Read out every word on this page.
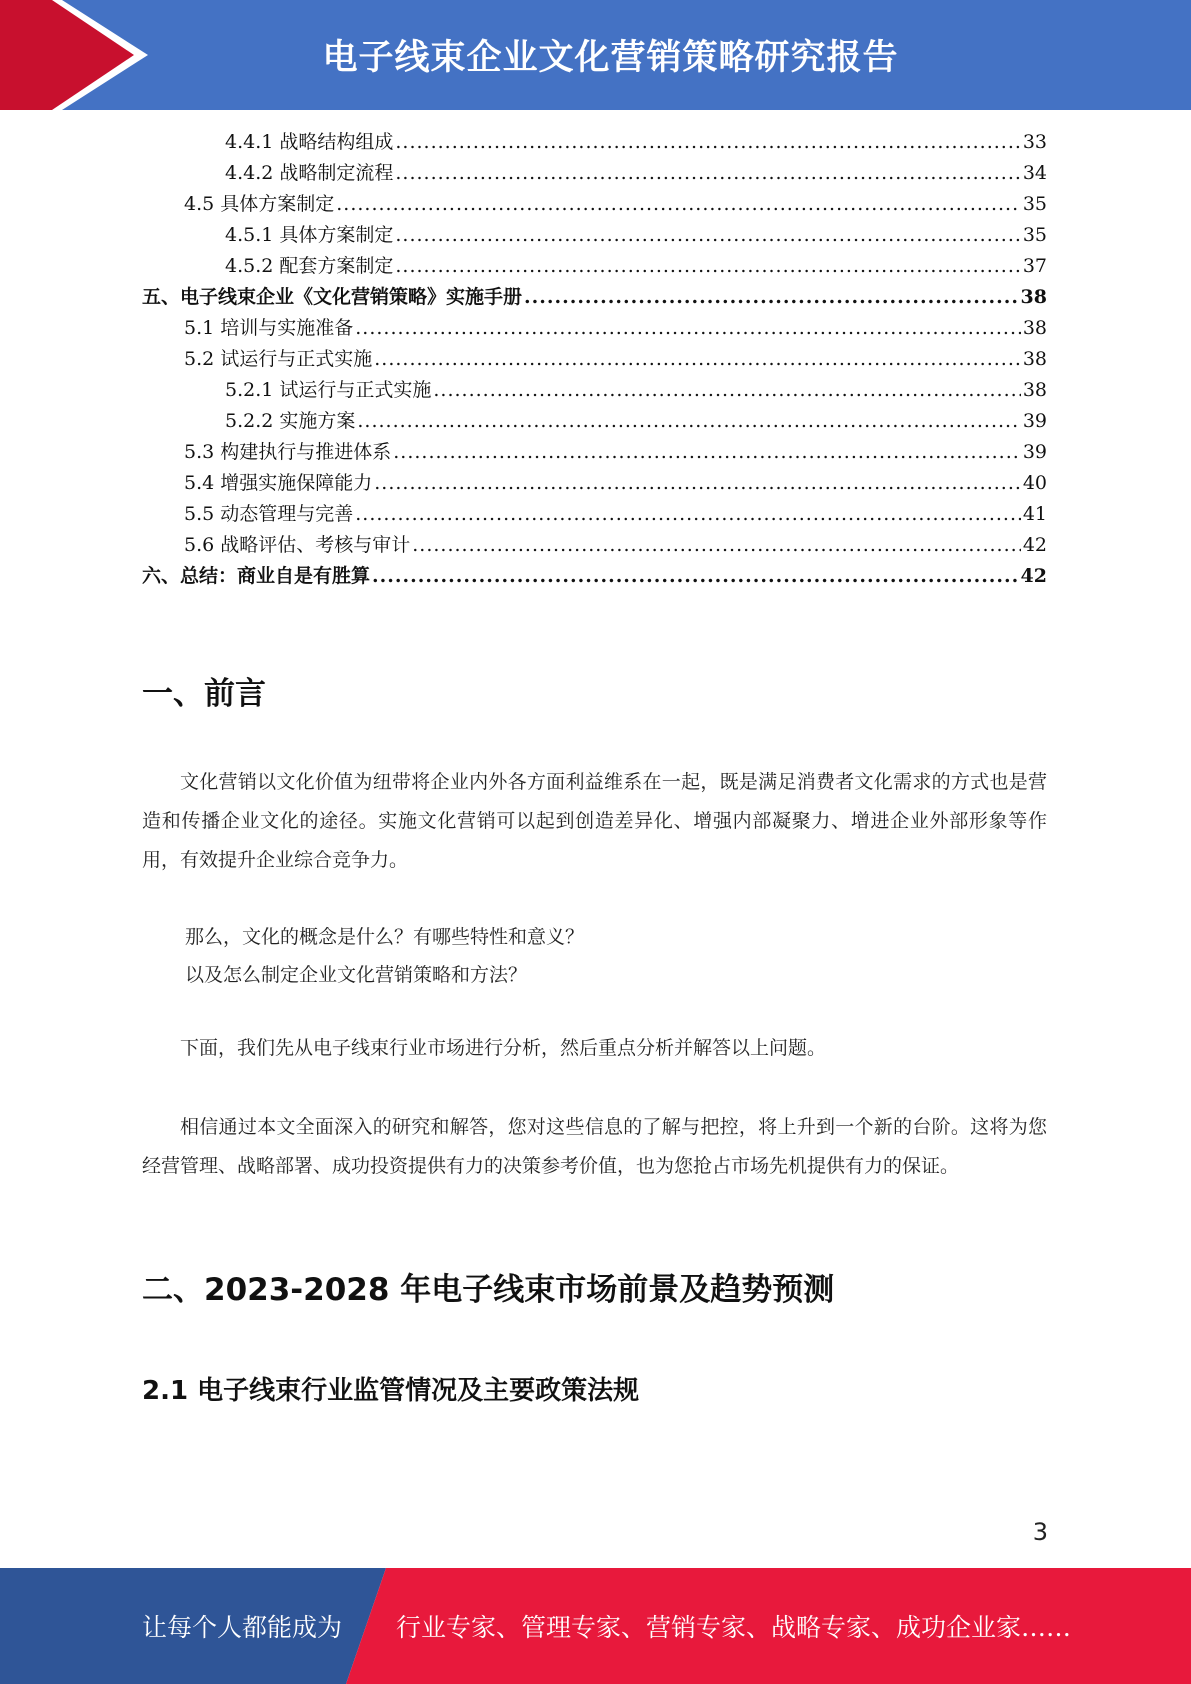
电子线束企业文化营销策略研究报告
4.4.1 战略结构组成 .....	33
4.4.2 战略制定流程 .....	34
4.5 具体方案制定 .....	35
4.5.1 具体方案制定 .....	35
4.5.2 配套方案制定 .....	37
五、电子线束企业《文化营销策略》实施手册 .....	38
5.1 培训与实施准备 .....	38
5.2 试运行与正式实施 .....	38
5.2.1 试运行与正式实施 .....	38
5.2.2 实施方案 .....	39
5.3 构建执行与推进体系 .....	39
5.4 增强实施保障能力 .....	40
5.5 动态管理与完善 .....	41
5.6 战略评估、考核与审计 .....	42
六、总结：商业自是有胜算 .....	42
一、前言

文化营销以文化价值为纽带将企业内外各方面利益维系在一起，既是满足消费者文化需求的方式也是营造和传播企业文化的途径。实施文化营销可以起到创造差异化、增强内部凝聚力、增进企业外部形象等作用，有效提升企业综合竞争力。

那么，文化的概念是什么？有哪些特性和意义？
以及怎么制定企业文化营销策略和方法？

下面，我们先从电子线束行业市场进行分析，然后重点分析并解答以上问题。

相信通过本文全面深入的研究和解答，您对这些信息的了解与把控，将上升到一个新的台阶。这将为您经营管理、战略部署、成功投资提供有力的决策参考价值，也为您抢占市场先机提供有力的保证。

二、2023-2028 年电子线束市场前景及趋势预测
2.1 电子线束行业监管情况及主要政策法规
3
让每个人都能成为 行业专家、管理专家、营销专家、战略专家、成功企业家……
